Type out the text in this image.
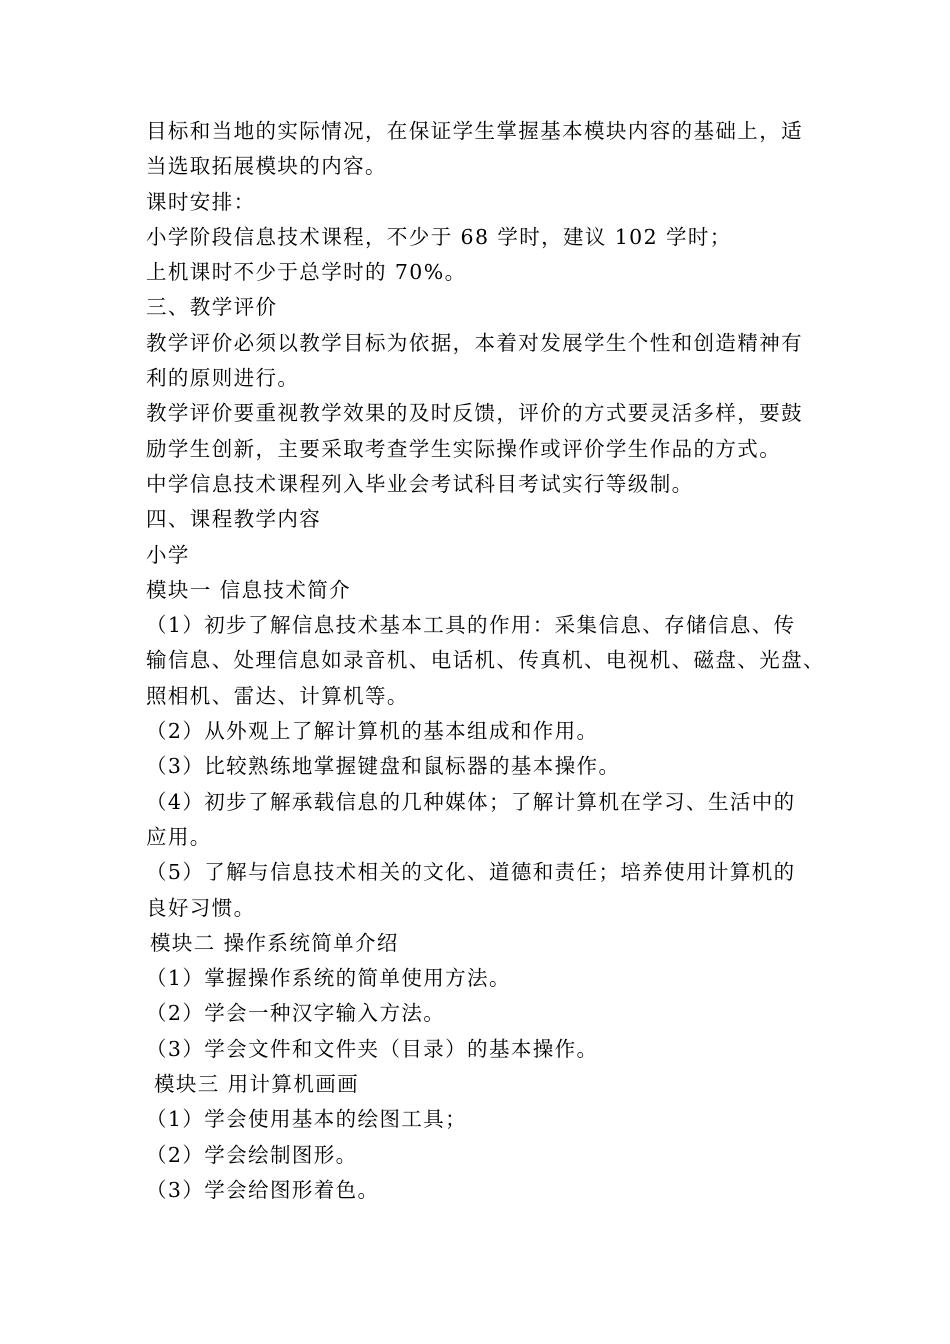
目标和当地的实际情况，在保证学生掌握基本模块内容的基础上，适
当选取拓展模块的内容。
课时安排：
小学阶段信息技术课程，不少于 68 学时，建议 102 学时；
上机课时不少于总学时的 70%。
三、教学评价
教学评价必须以教学目标为依据，本着对发展学生个性和创造精神有
利的原则进行。
教学评价要重视教学效果的及时反馈，评价的方式要灵活多样，要鼓
励学生创新，主要采取考查学生实际操作或评价学生作品的方式。
中学信息技术课程列入毕业会考试科目考试实行等级制。
四、课程教学内容
小学
模块一 信息技术简介
（1）初步了解信息技术基本工具的作用：采集信息、存储信息、传
输信息、处理信息如录音机、电话机、传真机、电视机、磁盘、光盘、
照相机、雷达、计算机等。
（2）从外观上了解计算机的基本组成和作用。
（3）比较熟练地掌握键盘和鼠标器的基本操作。
（4）初步了解承载信息的几种媒体；了解计算机在学习、生活中的
应用。
（5）了解与信息技术相关的文化、道德和责任；培养使用计算机的
良好习惯。
模块二 操作系统简单介绍
（1）掌握操作系统的简单使用方法。
（2）学会一种汉字输入方法。
（3）学会文件和文件夹（目录）的基本操作。
模块三 用计算机画画
（1）学会使用基本的绘图工具；
（2）学会绘制图形。
（3）学会给图形着色。
